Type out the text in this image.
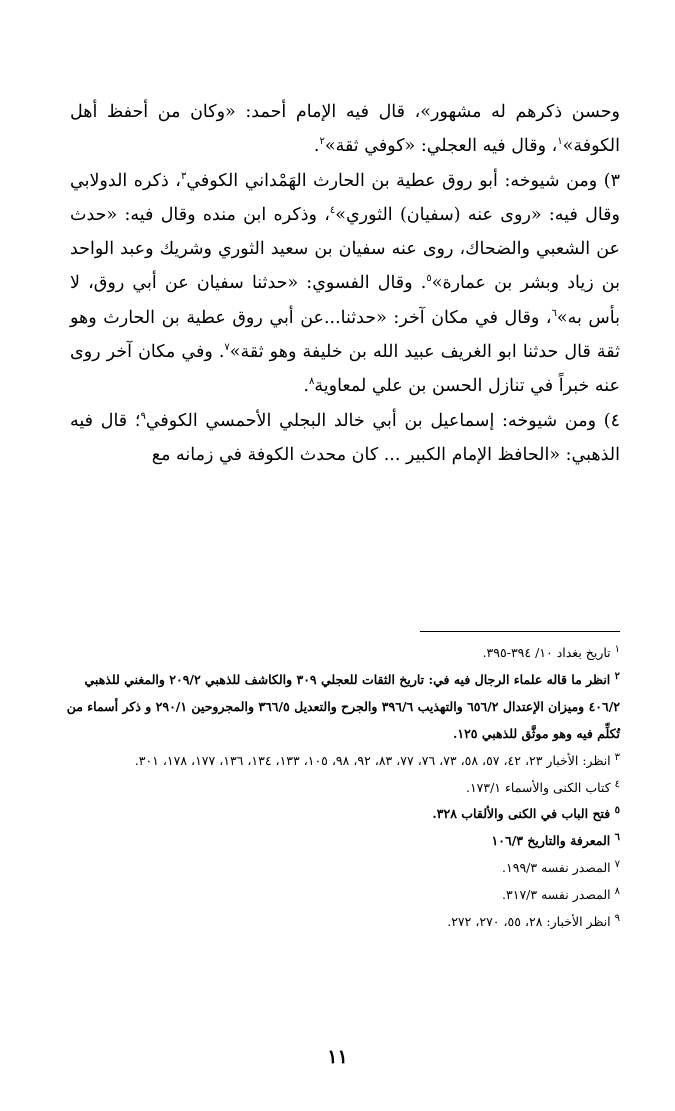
وحسن ذكرهم له مشهور»، قال فيه الإمام أحمد: «وكان من أحفظ أهل الكوفة»$^١$، وقال فيه العجلي: «كوفي ثقة»$^٢$.

٣) ومن شيوخه: أبو روق عطية بن الحارث الهَمْداني الكوفي$^٣$، ذكره الدولابي وقال فيه: «روى عنه (سفيان) الثوري»$^٤$، وذكره ابن منده وقال فيه: «حدث عن الشعبي والضحاك، روى عنه سفيان بن سعيد الثوري وشريك وعبد الواحد بن زياد وبشر بن عمارة»$^٥$. وقال الفسوي: «حدثنا سفيان عن أبي روق، لا بأس به»$^٦$، وقال في مكان آخر: «حدثنا...عن أبي روق عطية بن الحارث وهو ثقة قال حدثنا ابو الغريف عبيد الله بن خليفة وهو ثقة»$^٧$. وفي مكان آخر روى عنه خبراً في تنازل الحسن بن علي لمعاوية$^٨$.

٤) ومن شيوخه: إسماعيل بن أبي خالد البجلي الأحمسي الكوفي$^٩$؛ قال فيه الذهبي: «الحافظ الإمام الكبير ... كان محدث الكوفة في زمانه مع

$^١$ تاريخ بغداد ١٠/ ٣٩٤-٣٩٥.

$^٢$ انظر ما قاله علماء الرجال فيه في: تاريخ الثقات للعجلي ٣٠٩ والكاشف للذهبي ٢٠٩/٢ والمغني للذهبي ٤٠٦/٢ وميزان الإعتدال ٦٥٦/٢ والتهذيب ٣٩٦/٦ والجرح والتعديل ٣٦٦/٥ والمجروحين ٢٩٠/١ و ذكر أسماء من تُكلِّم فيه وهو موثَّق للذهبي ١٢٥.

$^٣$ انظر: الأخبار ٢٣، ٤٢، ٥٧، ٥٨، ٧٣، ٧٦، ٧٧، ٨٣، ٩٢، ٩٨، ١٠٥، ١٣٣، ١٣٤، ١٣٦، ١٧٧، ١٧٨، ٣٠١.

$^٤$ كتاب الكنى والأسماء ١٧٣/١.

$^٥$ فتح الباب في الكنى والألقاب ٣٢٨.

$^٦$ المعرفة والتاريخ ١٠٦/٣

$^٧$ المصدر نفسه ١٩٩/٣.

$^٨$ المصدر نفسه ٣١٧/٣.

$^٩$ انظر الأخبار: ٢٨، ٥٥، ٢٧٠، ٢٧٢.

١١
